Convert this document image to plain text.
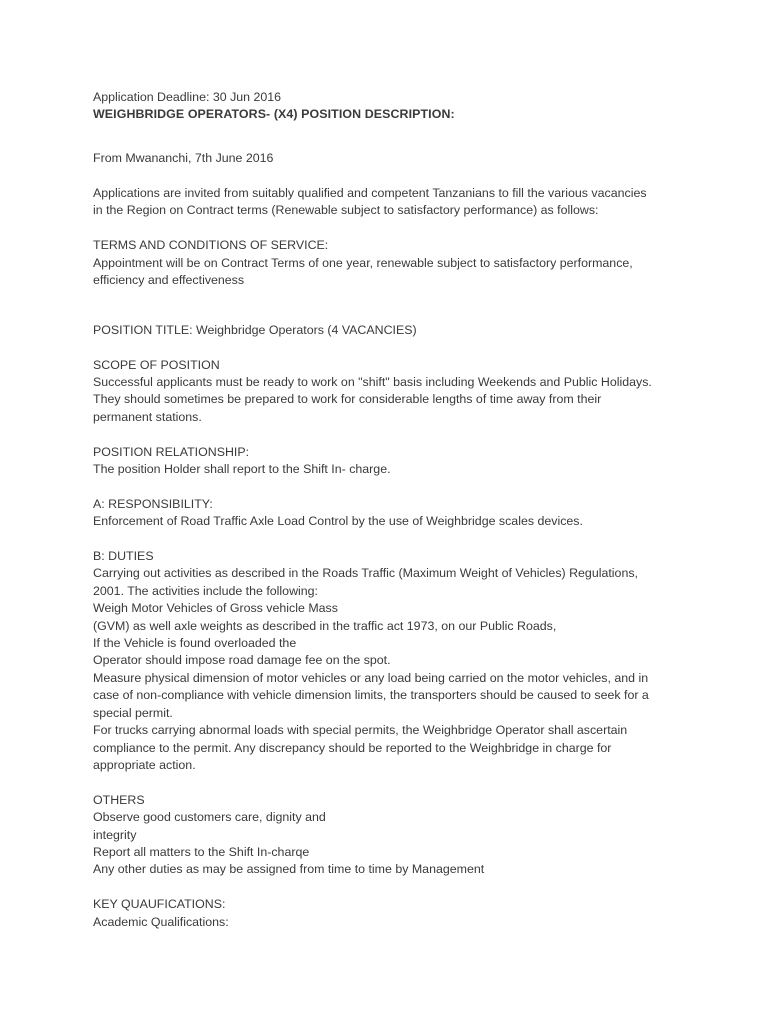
Application Deadline: 30 Jun 2016
WEIGHBRIDGE OPERATORS- (X4) POSITION DESCRIPTION:
From Mwananchi, 7th June 2016
Applications are invited from suitably qualified and competent Tanzanians to fill the various vacancies
in the Region on Contract terms (Renewable subject to satisfactory performance) as follows:
TERMS AND CONDITIONS OF SERVICE:
Appointment will be on Contract Terms of one year, renewable subject to satisfactory performance,
efficiency and effectiveness
POSITION TITLE: Weighbridge Operators (4 VACANCIES)
SCOPE OF POSITION
Successful applicants must be ready to work on "shift" basis including Weekends and Public Holidays.
They should sometimes be prepared to work for considerable lengths of time away from their
permanent stations.
POSITION RELATIONSHIP:
The position Holder shall report to the Shift In- charge.
A: RESPONSIBILITY:
Enforcement of Road Traffic Axle Load Control by the use of Weighbridge scales devices.
B: DUTIES
Carrying out activities as described in the Roads Traffic (Maximum Weight of Vehicles) Regulations,
2001. The activities include the following:
Weigh Motor Vehicles of Gross vehicle Mass
(GVM) as well axle weights as described in the traffic act 1973, on our Public Roads,
If the Vehicle is found overloaded the
Operator should impose road damage fee on the spot.
Measure physical dimension of motor vehicles or any load being carried on the motor vehicles, and in
case of non-compliance with vehicle dimension limits, the transporters should be caused to seek for a
special permit.
For trucks carrying abnormal loads with special permits, the Weighbridge Operator shall ascertain
compliance to the permit. Any discrepancy should be reported to the Weighbridge in charge for
appropriate action.
OTHERS
Observe good customers care, dignity and
integrity
Report all matters to the Shift In-charqe
Any other duties as may be assigned from time to time by Management
KEY QUAUFICATIONS:
Academic Qualifications:
